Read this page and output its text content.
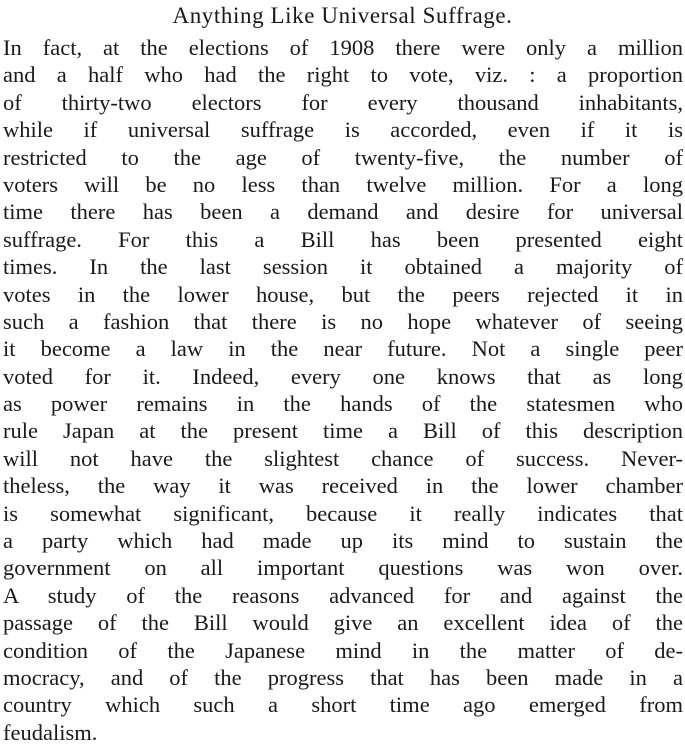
Anything Like Universal Suffrage.
In fact, at the elections of 1908 there were only a million
and a half who had the right to vote, viz. : a proportion
of thirty-two electors for every thousand inhabitants,
while if universal suffrage is accorded, even if it is
restricted to the age of twenty-five, the number of
voters will be no less than twelve million. For a long
time there has been a demand and desire for universal
suffrage. For this a Bill has been presented eight
times. In the last session it obtained a majority of
votes in the lower house, but the peers rejected it in
such a fashion that there is no hope whatever of seeing
it become a law in the near future. Not a single peer
voted for it. Indeed, every one knows that as long
as power remains in the hands of the statesmen who
rule Japan at the present time a Bill of this description
will not have the slightest chance of success. Never-
theless, the way it was received in the lower chamber
is somewhat significant, because it really indicates that
a party which had made up its mind to sustain the
government on all important questions was won over.
A study of the reasons advanced for and against the
passage of the Bill would give an excellent idea of the
condition of the Japanese mind in the matter of de-
mocracy, and of the progress that has been made in a
country which such a short time ago emerged from
feudalism.
